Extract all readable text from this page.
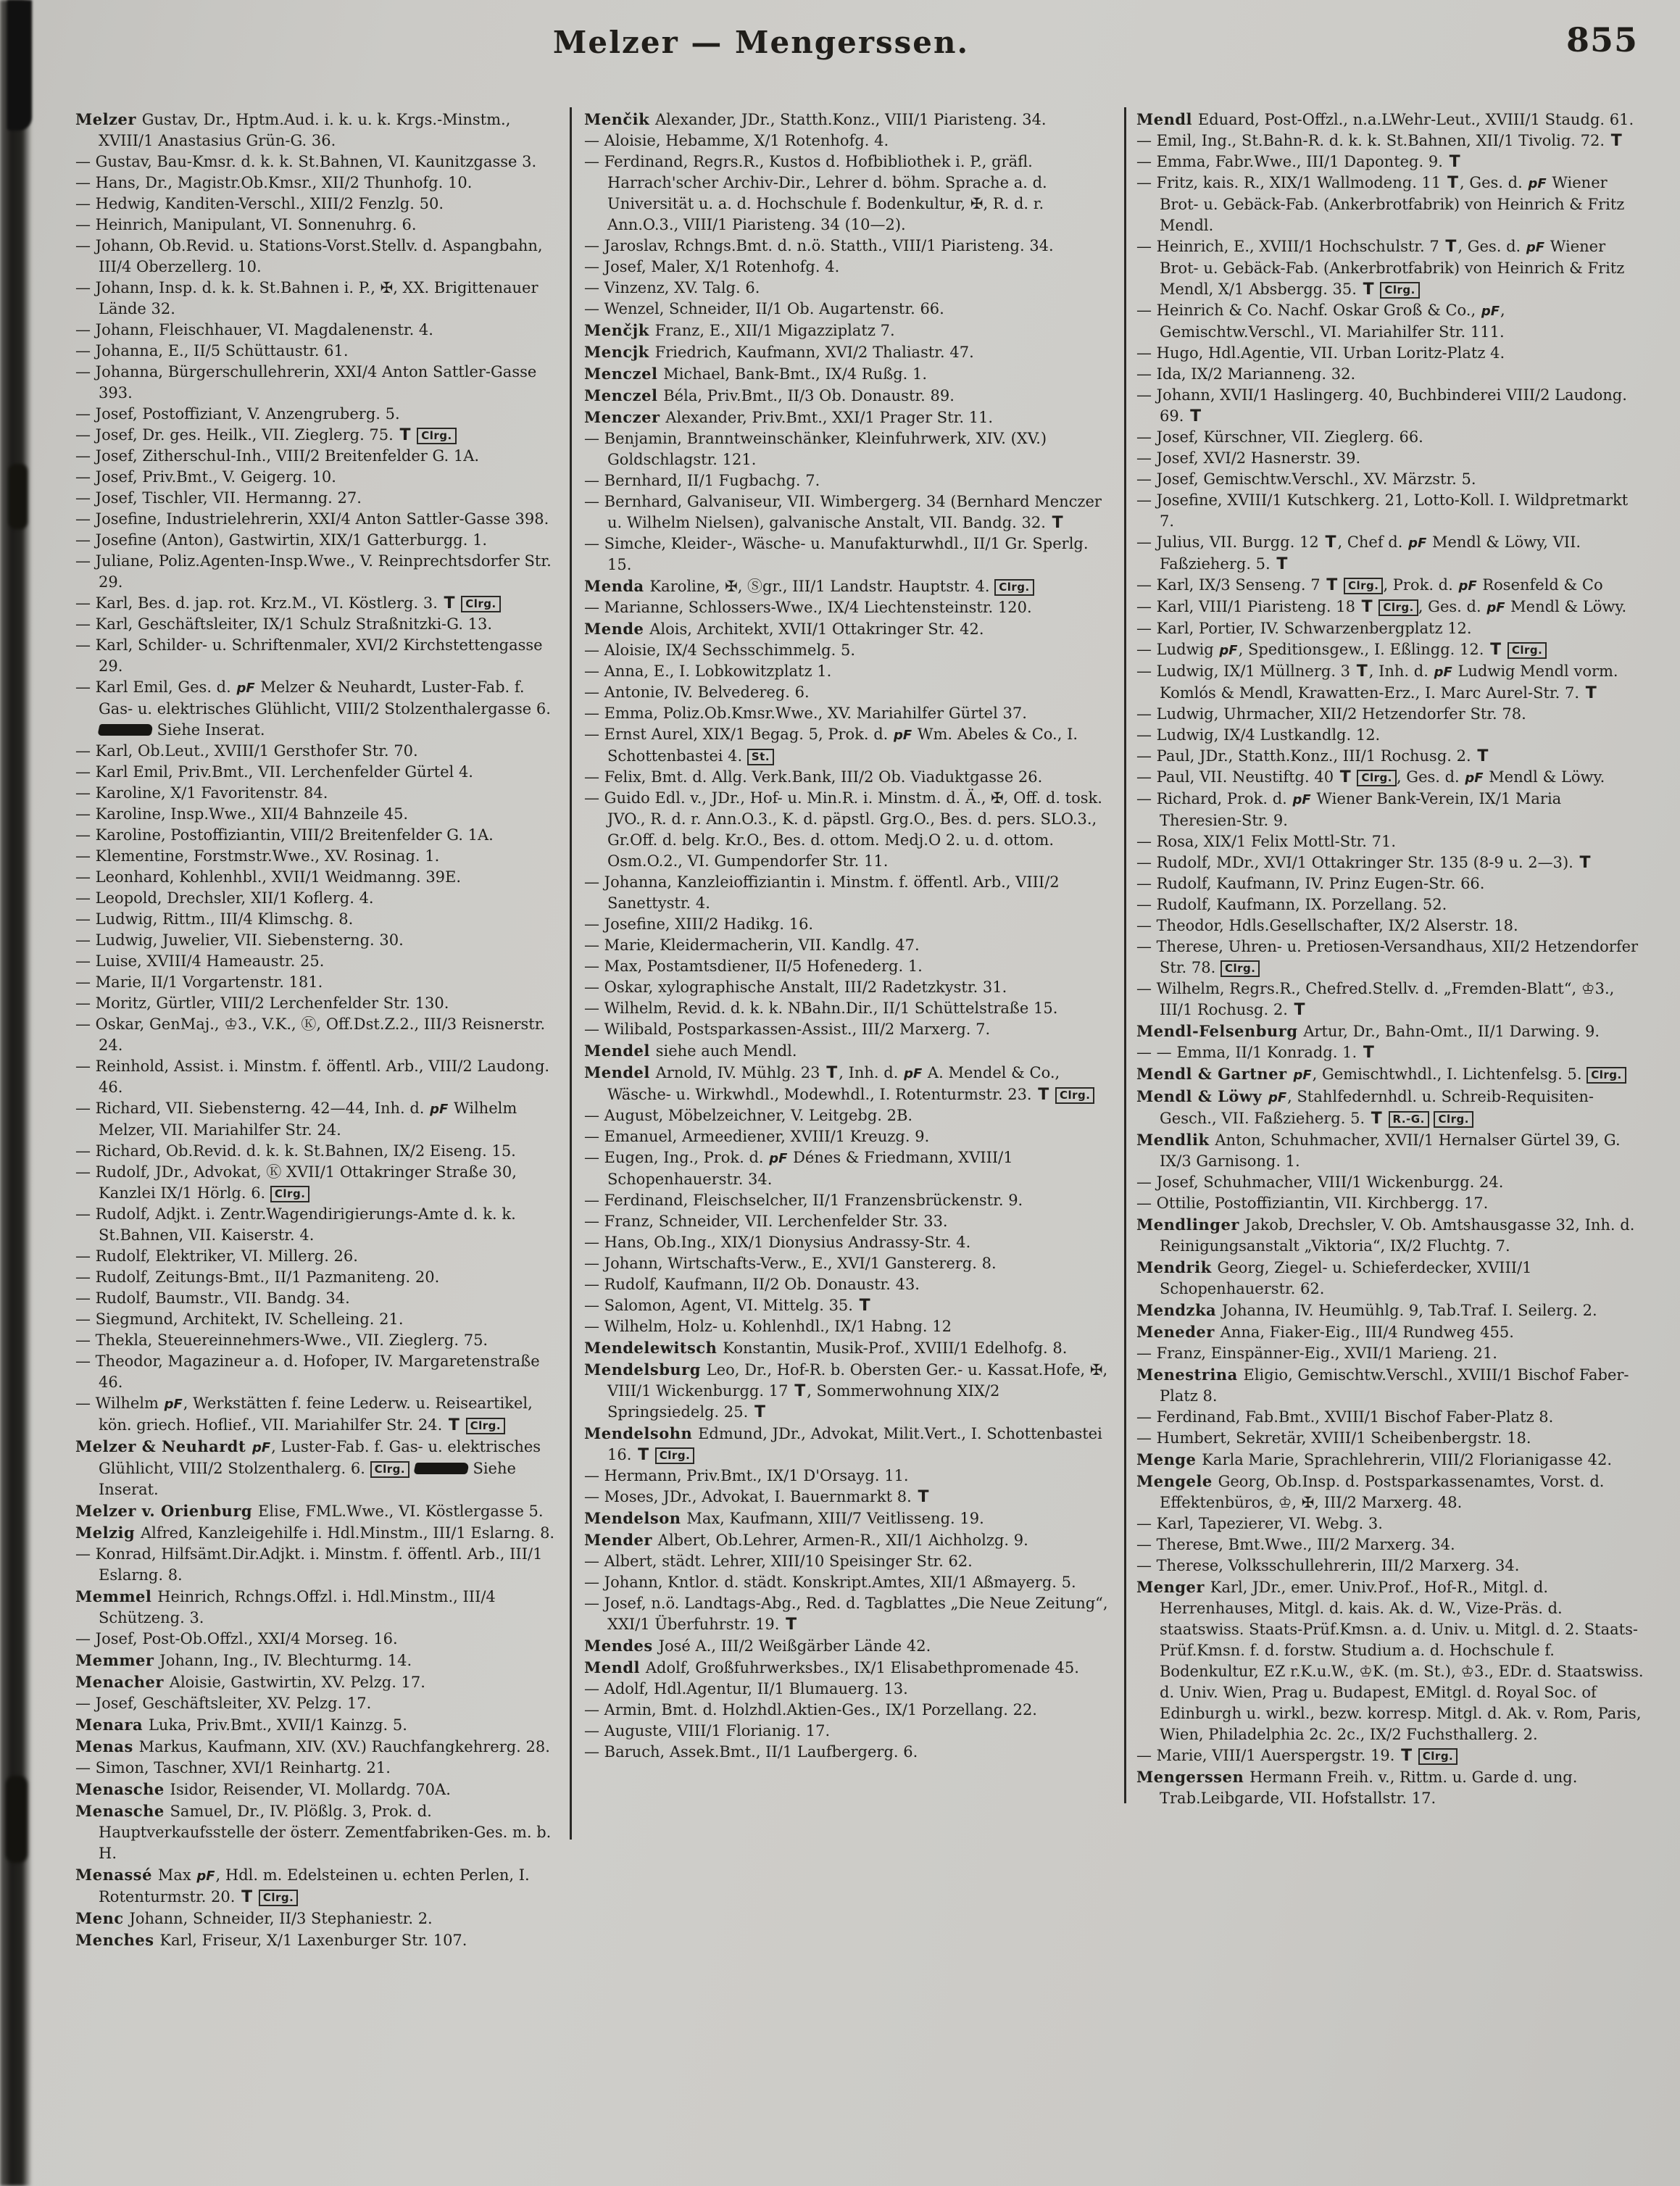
Melzer — Mengerssen.	855
Melzer Gustav, Dr., Hptm.Aud. i. k. u. k. Krgs.-Minstm., XVIII/1 Anastasius Grün-G. 36.
— Gustav, Bau-Kmsr. d. k. k. St.Bahnen, VI. Kaunitzgasse 3.
— Hans, Dr., Magistr.Ob.Kmsr., XII/2 Thunhofg. 10.
— Hedwig, Kanditen-Verschl., XIII/2 Fenzlg. 50.
— Heinrich, Manipulant, VI. Sonnenuhrg. 6.
— Johann, Ob.Revid. u. Stations-Vorst.Stellv. d. Aspangbahn, III/4 Oberzellerg. 10.
— Johann, Insp. d. k. k. St.Bahnen i. P., ✠, XX. Brigittenauer Lände 32.
— Johann, Fleischhauer, VI. Magdalenenstr. 4.
— Johanna, E., II/5 Schüttaustr. 61.
— Johanna, Bürgerschullehrerin, XXI/4 Anton Sattler-Gasse 393.
— Josef, Postoffiziant, V. Anzengruberg. 5.
— Josef, Dr. ges. Heilk., VII. Zieglerg. 75. T Clrg.
— Josef, Zitherschul-Inh., VIII/2 Breitenfelder G. 1A.
— Josef, Priv.Bmt., V. Geigerg. 10.
— Josef, Tischler, VII. Hermanng. 27.
— Josefine, Industrielehrerin, XXI/4 Anton Sattler-Gasse 398.
— Josefine (Anton), Gastwirtin, XIX/1 Gatterburgg. 1.
— Juliane, Poliz.Agenten-Insp.Wwe., V. Reinprechtsdorfer Str. 29.
— Karl, Bes. d. jap. rot. Krz.M., VI. Köstlerg. 3. T Clrg.
— Karl, Geschäftsleiter, IX/1 Schulz Straßnitzki-G. 13.
— Karl, Schilder- u. Schriftenmaler, XVI/2 Kirchstettengasse 29.
— Karl Emil, Ges. d. pF Melzer & Neuhardt, Luster-Fab. f. Gas- u. elektrisches Glühlicht, VIII/2 Stolzenthalergasse 6.  Siehe Inserat.
— Karl, Ob.Leut., XVIII/1 Gersthofer Str. 70.
— Karl Emil, Priv.Bmt., VII. Lerchenfelder Gürtel 4.
— Karoline, X/1 Favoritenstr. 84.
— Karoline, Insp.Wwe., XII/4 Bahnzeile 45.
— Karoline, Postoffiziantin, VIII/2 Breitenfelder G. 1A.
— Klementine, Forstmstr.Wwe., XV. Rosinag. 1.
— Leonhard, Kohlenhbl., XVII/1 Weidmanng. 39E.
— Leopold, Drechsler, XII/1 Koflerg. 4.
— Ludwig, Rittm., III/4 Klimschg. 8.
— Ludwig, Juwelier, VII. Siebensterng. 30.
— Luise, XVIII/4 Hameaustr. 25.
— Marie, II/1 Vorgartenstr. 181.
— Moritz, Gürtler, VIII/2 Lerchenfelder Str. 130.
— Oskar, GenMaj., ♔3., V.K., Ⓚ, Off.Dst.Z.2., III/3 Reisnerstr. 24.
— Reinhold, Assist. i. Minstm. f. öffentl. Arb., VIII/2 Laudong. 46.
— Richard, VII. Siebensterng. 42—44, Inh. d. pF Wilhelm Melzer, VII. Mariahilfer Str. 24.
— Richard, Ob.Revid. d. k. k. St.Bahnen, IX/2 Eiseng. 15.
— Rudolf, JDr., Advokat, Ⓚ XVII/1 Ottakringer Straße 30, Kanzlei IX/1 Hörlg. 6. Clrg.
— Rudolf, Adjkt. i. Zentr.Wagendirigierungs-Amte d. k. k. St.Bahnen, VII. Kaiserstr. 4.
— Rudolf, Elektriker, VI. Millerg. 26.
— Rudolf, Zeitungs-Bmt., II/1 Pazmaniteng. 20.
— Rudolf, Baumstr., VII. Bandg. 34.
— Siegmund, Architekt, IV. Schelleing. 21.
— Thekla, Steuereinnehmers-Wwe., VII. Zieglerg. 75.
— Theodor, Magazineur a. d. Hofoper, IV. Margaretenstraße 46.
— Wilhelm pF, Werkstätten f. feine Lederw. u. Reiseartikel, kön. griech. Hoflief., VII. Mariahilfer Str. 24. T Clrg.
Melzer & Neuhardt pF, Luster-Fab. f. Gas- u. elektrisches Glühlicht, VIII/2 Stolzenthalerg. 6. Clrg.	Siehe Inserat.
Melzer v. Orienburg Elise, FML.Wwe., VI. Köstlergasse 5.
Melzig Alfred, Kanzleigehilfe i. Hdl.Minstm., III/1 Eslarng. 8.
— Konrad, Hilfsämt.Dir.Adjkt. i. Minstm. f. öffentl. Arb., III/1 Eslarng. 8.
Memmel Heinrich, Rchngs.Offzl. i. Hdl.Minstm., III/4 Schützeng. 3.
— Josef, Post-Ob.Offzl., XXI/4 Morseg. 16.
Memmer Johann, Ing., IV. Blechturmg. 14.
Menacher Aloisie, Gastwirtin, XV. Pelzg. 17.
— Josef, Geschäftsleiter, XV. Pelzg. 17.
Menara Luka, Priv.Bmt., XVII/1 Kainzg. 5.
Menas Markus, Kaufmann, XIV. (XV.) Rauchfangkehrerg. 28.
— Simon, Taschner, XVI/1 Reinhartg. 21.
Menasche Isidor, Reisender, VI. Mollardg. 70A.
Menasche Samuel, Dr., IV. Plößlg. 3, Prok. d. Hauptverkaufsstelle der österr. Zementfabriken-Ges. m. b. H.
Menassé Max pF, Hdl. m. Edelsteinen u. echten Perlen, I. Rotenturmstr. 20. T Clrg.
Menc Johann, Schneider, II/3 Stephaniestr. 2.
Menches Karl, Friseur, X/1 Laxenburger Str. 107.
Menčik Alexander, JDr., Statth.Konz., VIII/1 Piaristeng. 34.
— Aloisie, Hebamme, X/1 Rotenhofg. 4.
— Ferdinand, Regrs.R., Kustos d. Hofbibliothek i. P., gräfl. Harrach'scher Archiv-Dir., Lehrer d. böhm. Sprache a. d. Universität u. a. d. Hochschule f. Bodenkultur, ✠, R. d. r. Ann.O.3., VIII/1 Piaristeng. 34 (10—2).
— Jaroslav, Rchngs.Bmt. d. n.ö. Statth., VIII/1 Piaristeng. 34.
— Josef, Maler, X/1 Rotenhofg. 4.
— Vinzenz, XV. Talg. 6.
— Wenzel, Schneider, II/1 Ob. Augartenstr. 66.
Menčjk Franz, E., XII/1 Migazziplatz 7.
Mencjk Friedrich, Kaufmann, XVI/2 Thaliastr. 47.
Menczel Michael, Bank-Bmt., IX/4 Rußg. 1.
Menczel Béla, Priv.Bmt., II/3 Ob. Donaustr. 89.
Menczer Alexander, Priv.Bmt., XXI/1 Prager Str. 11.
— Benjamin, Branntweinschänker, Kleinfuhrwerk, XIV. (XV.) Goldschlagstr. 121.
— Bernhard, II/1 Fugbachg. 7.
— Bernhard, Galvaniseur, VII. Wimbergerg. 34 (Bernhard Menczer u. Wilhelm Nielsen), galvanische Anstalt, VII. Bandg. 32. T
— Simche, Kleider-, Wäsche- u. Manufakturwhdl., II/1 Gr. Sperlg. 15.
Menda Karoline, ✠, Ⓢgr., III/1 Landstr. Hauptstr. 4. Clrg.
— Marianne, Schlossers-Wwe., IX/4 Liechtensteinstr. 120.
Mende Alois, Architekt, XVII/1 Ottakringer Str. 42.
— Aloisie, IX/4 Sechsschimmelg. 5.
— Anna, E., I. Lobkowitzplatz 1.
— Antonie, IV. Belvedereg. 6.
— Emma, Poliz.Ob.Kmsr.Wwe., XV. Mariahilfer Gürtel 37.
— Ernst Aurel, XIX/1 Begag. 5, Prok. d. pF Wm. Abeles & Co., I. Schottenbastei 4. St.
— Felix, Bmt. d. Allg. Verk.Bank, III/2 Ob. Viaduktgasse 26.
— Guido Edl. v., JDr., Hof- u. Min.R. i. Minstm. d. Ä., ✠, Off. d. tosk. JVO., R. d. r. Ann.O.3., K. d. päpstl. Grg.O., Bes. d. pers. SLO.3., Gr.Off. d. belg. Kr.O., Bes. d. ottom. Medj.O 2. u. d. ottom. Osm.O.2., VI. Gumpendorfer Str. 11.
— Johanna, Kanzleioffiziantin i. Minstm. f. öffentl. Arb., VIII/2 Sanettystr. 4.
— Josefine, XIII/2 Hadikg. 16.
— Marie, Kleidermacherin, VII. Kandlg. 47.
— Max, Postamtsdiener, II/5 Hofenederg. 1.
— Oskar, xylographische Anstalt, III/2 Radetzkystr. 31.
— Wilhelm, Revid. d. k. k. NBahn.Dir., II/1 Schüttelstraße 15.
— Wilibald, Postsparkassen-Assist., III/2 Marxerg. 7.
Mendel siehe auch Mendl.
Mendel Arnold, IV. Mühlg. 23 T, Inh. d. pF A. Mendel & Co., Wäsche- u. Wirkwhdl., Modewhdl., I. Rotenturmstr. 23. T Clrg.
— August, Möbelzeichner, V. Leitgebg. 2B.
— Emanuel, Armeediener, XVIII/1 Kreuzg. 9.
— Eugen, Ing., Prok. d. pF Dénes & Friedmann, XVIII/1 Schopenhauerstr. 34.
— Ferdinand, Fleischselcher, II/1 Franzensbrückenstr. 9.
— Franz, Schneider, VII. Lerchenfelder Str. 33.
— Hans, Ob.Ing., XIX/1 Dionysius Andrassy-Str. 4.
— Johann, Wirtschafts-Verw., E., XVI/1 Ganstererg. 8.
— Rudolf, Kaufmann, II/2 Ob. Donaustr. 43.
— Salomon, Agent, VI. Mittelg. 35. T
— Wilhelm, Holz- u. Kohlenhdl., IX/1 Habng. 12
Mendelewitsch Konstantin, Musik-Prof., XVIII/1 Edelhofg. 8.
Mendelsburg Leo, Dr., Hof-R. b. Obersten Ger.- u. Kassat.Hofe, ✠, VIII/1 Wickenburgg. 17 T, Sommerwohnung XIX/2 Springsiedelg. 25. T
Mendelsohn Edmund, JDr., Advokat, Milit.Vert., I. Schottenbastei 16. T Clrg.
— Hermann, Priv.Bmt., IX/1 D'Orsayg. 11.
— Moses, JDr., Advokat, I. Bauernmarkt 8. T
Mendelson Max, Kaufmann, XIII/7 Veitlisseng. 19.
Mender Albert, Ob.Lehrer, Armen-R., XII/1 Aichholzg. 9.
— Albert, städt. Lehrer, XIII/10 Speisinger Str. 62.
— Johann, Kntlor. d. städt. Konskript.Amtes, XII/1 Aßmayerg. 5.
— Josef, n.ö. Landtags-Abg., Red. d. Tagblattes „Die Neue Zeitung“, XXI/1 Überfuhrstr. 19. T
Mendes José A., III/2 Weißgärber Lände 42.
Mendl Adolf, Großfuhrwerksbes., IX/1 Elisabethpromenade 45.
— Adolf, Hdl.Agentur, II/1 Blumauerg. 13.
— Armin, Bmt. d. Holzhdl.Aktien-Ges., IX/1 Porzellang. 22.
— Auguste, VIII/1 Florianig. 17.
— Baruch, Assek.Bmt., II/1 Laufbergerg. 6.
Mendl Eduard, Post-Offzl., n.a.LWehr-Leut., XVIII/1 Staudg. 61.
— Emil, Ing., St.Bahn-R. d. k. k. St.Bahnen, XII/1 Tivolig. 72. T
— Emma, Fabr.Wwe., III/1 Daponteg. 9. T
— Fritz, kais. R., XIX/1 Wallmodeng. 11 T, Ges. d. pF Wiener Brot- u. Gebäck-Fab. (Ankerbrotfabrik) von Heinrich & Fritz Mendl.
— Heinrich, E., XVIII/1 Hochschulstr. 7 T, Ges. d. pF Wiener Brot- u. Gebäck-Fab. (Ankerbrotfabrik) von Heinrich & Fritz Mendl, X/1 Absbergg. 35. T Clrg.
— Heinrich & Co. Nachf. Oskar Groß & Co., pF, Gemischtw.Verschl., VI. Mariahilfer Str. 111.
— Hugo, Hdl.Agentie, VII. Urban Loritz-Platz 4.
— Ida, IX/2 Marianneng. 32.
— Johann, XVII/1 Haslingerg. 40, Buchbinderei VIII/2 Laudong. 69. T
— Josef, Kürschner, VII. Zieglerg. 66.
— Josef, XVI/2 Hasnerstr. 39.
— Josef, Gemischtw.Verschl., XV. Märzstr. 5.
— Josefine, XVIII/1 Kutschkerg. 21, Lotto-Koll. I. Wildpretmarkt 7.
— Julius, VII. Burgg. 12 T, Chef d. pF Mendl & Löwy, VII. Faßzieherg. 5. T
— Karl, IX/3 Senseng. 7 T Clrg. , Prok. d. pF Rosenfeld & Co
— Karl, VIII/1 Piaristeng. 18 T Clrg. , Ges. d. pF Mendl & Löwy.
— Karl, Portier, IV. Schwarzenbergplatz 12.
— Ludwig pF, Speditionsgew., I. Eßlingg. 12. T Clrg.
— Ludwig, IX/1 Müllnerg. 3 T, Inh. d. pF Ludwig Mendl vorm. Komlós & Mendl, Krawatten-Erz., I. Marc Aurel-Str. 7. T
— Ludwig, Uhrmacher, XII/2 Hetzendorfer Str. 78.
— Ludwig, IX/4 Lustkandlg. 12.
— Paul, JDr., Statth.Konz., III/1 Rochusg. 2. T
— Paul, VII. Neustiftg. 40 T Clrg. , Ges. d. pF Mendl & Löwy.
— Richard, Prok. d. pF Wiener Bank-Verein, IX/1 Maria Theresien-Str. 9.
— Rosa, XIX/1 Felix Mottl-Str. 71.
— Rudolf, MDr., XVI/1 Ottakringer Str. 135 (8-9 u. 2—3). T
— Rudolf, Kaufmann, IV. Prinz Eugen-Str. 66.
— Rudolf, Kaufmann, IX. Porzellang. 52.
— Theodor, Hdls.Gesellschafter, IX/2 Alserstr. 18.
— Therese, Uhren- u. Pretiosen-Versandhaus, XII/2 Hetzendorfer Str. 78. Clrg.
— Wilhelm, Regrs.R., Chefred.Stellv. d. „Fremden-Blatt“, ♔3., III/1 Rochusg. 2. T
Mendl-Felsenburg Artur, Dr., Bahn-Omt., II/1 Darwing. 9.
— — Emma, II/1 Konradg. 1. T
Mendl & Gartner pF, Gemischtwhdl., I. Lichtenfelsg. 5. Clrg.
Mendl & Löwy pF, Stahlfedernhdl. u. Schreib-Requisiten-Gesch., VII. Faßzieherg. 5. T R.-G. Clrg.
Mendlik Anton, Schuhmacher, XVII/1 Hernalser Gürtel 39, G. IX/3 Garnisong. 1.
— Josef, Schuhmacher, VIII/1 Wickenburgg. 24.
— Ottilie, Postoffiziantin, VII. Kirchbergg. 17.
Mendlinger Jakob, Drechsler, V. Ob. Amtshausgasse 32, Inh. d. Reinigungsanstalt „Viktoria“, IX/2 Fluchtg. 7.
Mendrik Georg, Ziegel- u. Schieferdecker, XVIII/1 Schopenhauerstr. 62.
Mendzka Johanna, IV. Heumühlg. 9, Tab.Traf. I. Seilerg. 2.
Meneder Anna, Fiaker-Eig., III/4 Rundweg 455.
— Franz, Einspänner-Eig., XVII/1 Marieng. 21.
Menestrina Eligio, Gemischtw.Verschl., XVIII/1 Bischof Faber-Platz 8.
— Ferdinand, Fab.Bmt., XVIII/1 Bischof Faber-Platz 8.
— Humbert, Sekretär, XVIII/1 Scheibenbergstr. 18.
Menge Karla Marie, Sprachlehrerin, VIII/2 Florianigasse 42.
Mengele Georg, Ob.Insp. d. Postsparkassenamtes, Vorst. d. Effektenbüros, ♔, ✠, III/2 Marxerg. 48.
— Karl, Tapezierer, VI. Webg. 3.
— Therese, Bmt.Wwe., III/2 Marxerg. 34.
— Therese, Volksschullehrerin, III/2 Marxerg. 34.
Menger Karl, JDr., emer. Univ.Prof., Hof-R., Mitgl. d. Herrenhauses, Mitgl. d. kais. Ak. d. W., Vize-Präs. d. staatswiss. Staats-Prüf.Kmsn. a. d. Univ. u. Mitgl. d. 2. Staats-Prüf.Kmsn. f. d. forstw. Studium a. d. Hochschule f. Bodenkultur, EZ r.K.u.W., ♔K. (m. St.), ♔3., EDr. d. Staatswiss. d. Univ. Wien, Prag u. Budapest, EMitgl. d. Royal Soc. of Edinburgh u. wirkl., bezw. korresp. Mitgl. d. Ak. v. Rom, Paris, Wien, Philadelphia 2c. 2c., IX/2 Fuchsthallerg. 2.
— Marie, VIII/1 Auerspergstr. 19. T Clrg.
Mengerssen Hermann Freih. v., Rittm. u. Garde d. ung. Trab.Leibgarde, VII. Hofstallstr. 17.
